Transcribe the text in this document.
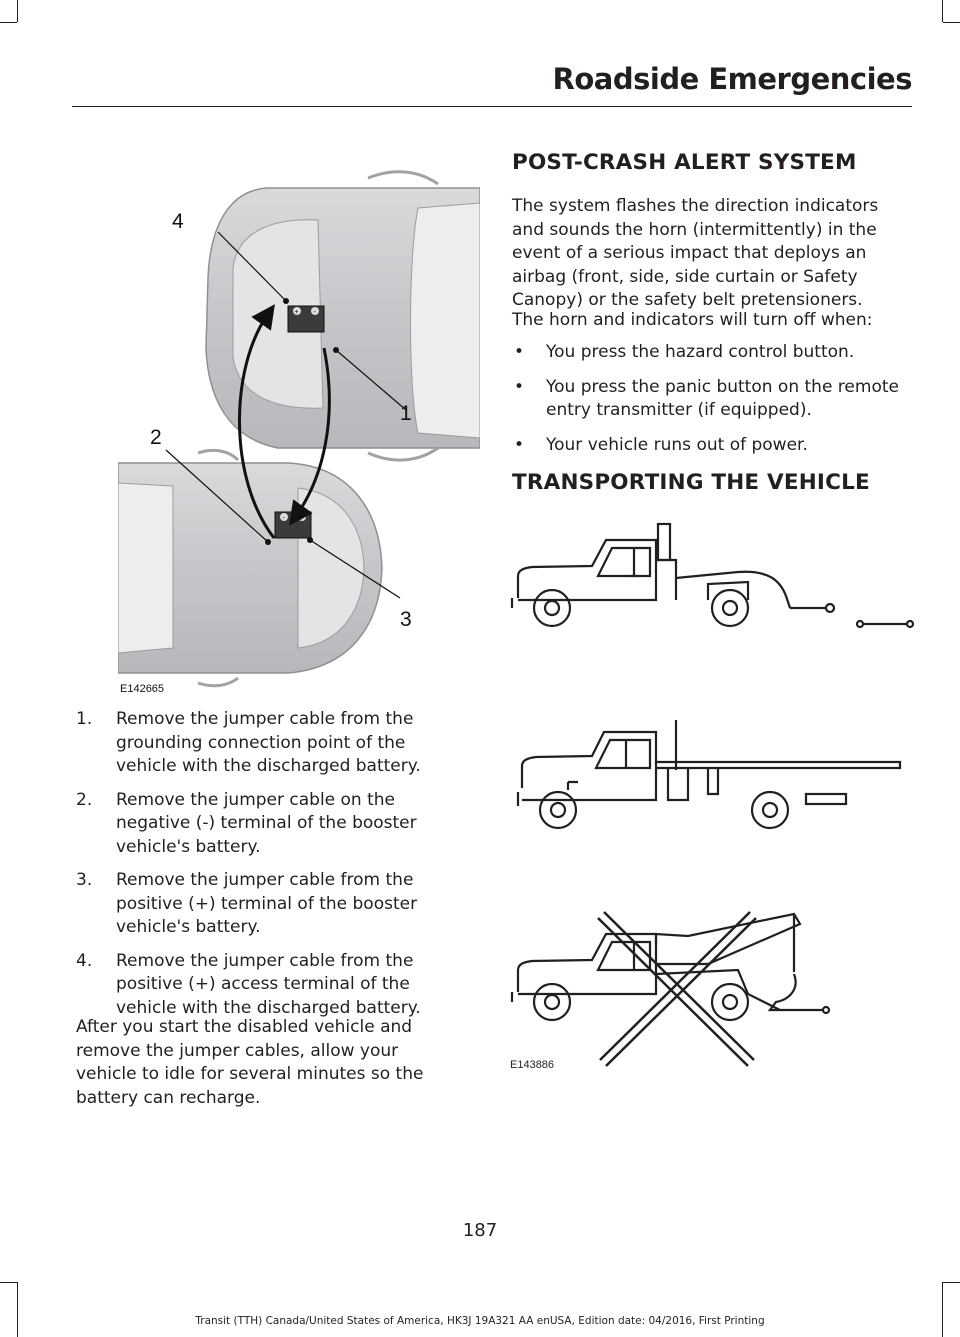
Roadside Emergencies
+ -
- +
1
2
3
4
E142665
1. Remove the jumper cable from the grounding connection point of the vehicle with the discharged battery.
2. Remove the jumper cable on the negative (-) terminal of the booster vehicle's battery.
3. Remove the jumper cable from the positive (+) terminal of the booster vehicle's battery.
4. Remove the jumper cable from the positive (+) access terminal of the vehicle with the discharged battery.

After you start the disabled vehicle and remove the jumper cables, allow your vehicle to idle for several minutes so the battery can recharge.

POST-CRASH ALERT SYSTEM

The system flashes the direction indicators and sounds the horn (intermittently) in the event of a serious impact that deploys an airbag (front, side, side curtain or Safety Canopy) or the safety belt pretensioners.

The horn and indicators will turn off when:

• You press the hazard control button.
• You press the panic button on the remote entry transmitter (if equipped).
• Your vehicle runs out of power.
TRANSPORTING THE VEHICLE
E143886
187
Transit (TTH) Canada/United States of America, HK3J 19A321 AA enUSA, Edition date: 04/2016, First Printing
